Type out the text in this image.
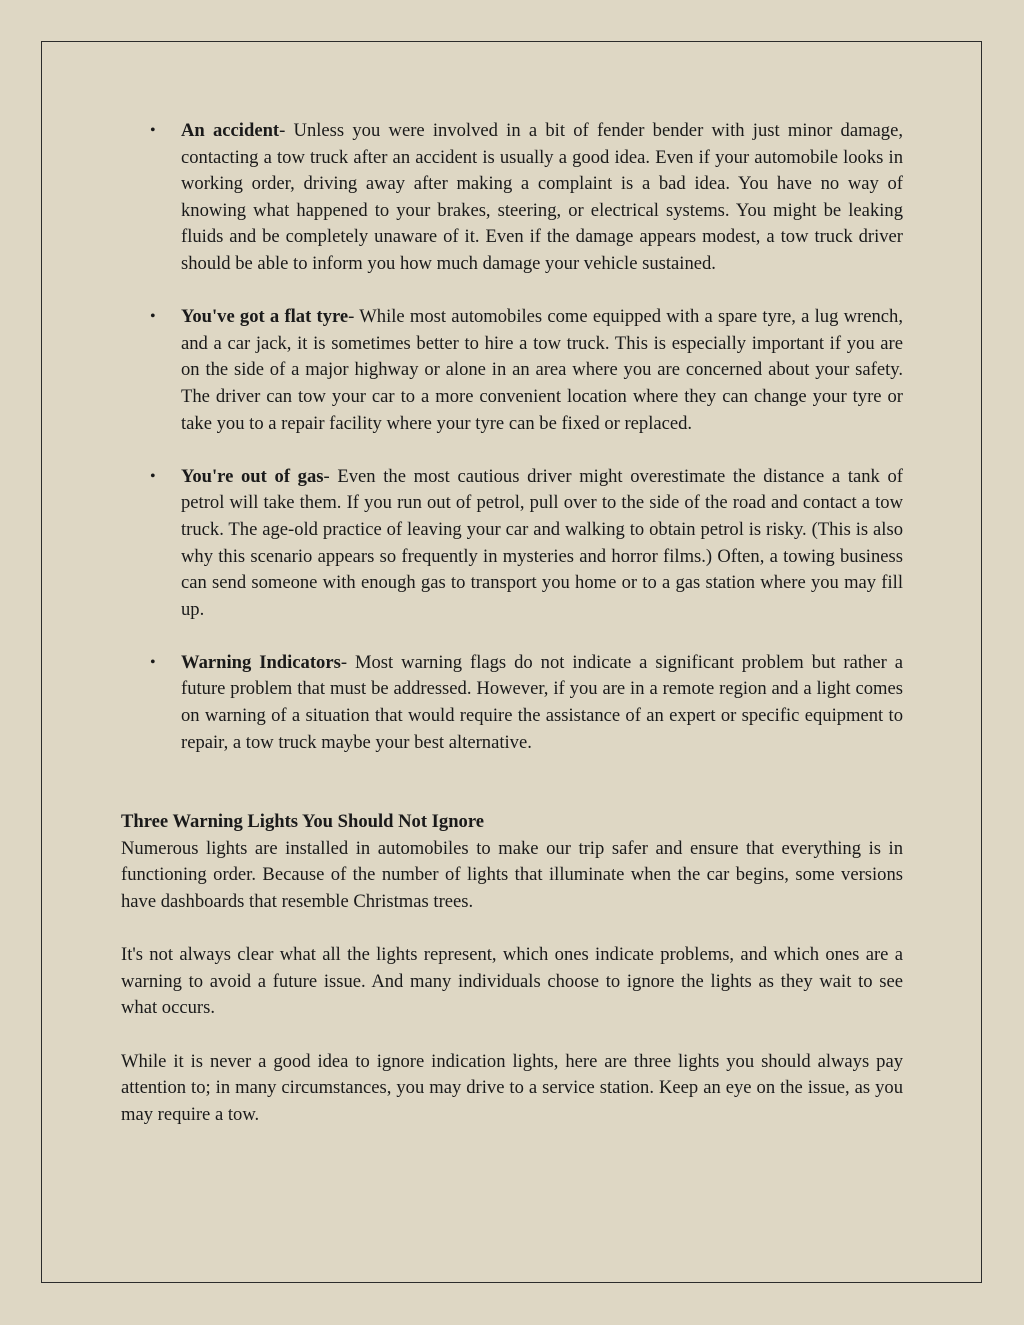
• An accident- Unless you were involved in a bit of fender bender with just minor damage, contacting a tow truck after an accident is usually a good idea. Even if your automobile looks in working order, driving away after making a complaint is a bad idea. You have no way of knowing what happened to your brakes, steering, or electrical systems. You might be leaking fluids and be completely unaware of it. Even if the damage appears modest, a tow truck driver should be able to inform you how much damage your vehicle sustained.
• You've got a flat tyre- While most automobiles come equipped with a spare tyre, a lug wrench, and a car jack, it is sometimes better to hire a tow truck. This is especially important if you are on the side of a major highway or alone in an area where you are concerned about your safety. The driver can tow your car to a more convenient location where they can change your tyre or take you to a repair facility where your tyre can be fixed or replaced.
• You're out of gas- Even the most cautious driver might overestimate the distance a tank of petrol will take them. If you run out of petrol, pull over to the side of the road and contact a tow truck. The age-old practice of leaving your car and walking to obtain petrol is risky. (This is also why this scenario appears so frequently in mysteries and horror films.) Often, a towing business can send someone with enough gas to transport you home or to a gas station where you may fill up.
• Warning Indicators- Most warning flags do not indicate a significant problem but rather a future problem that must be addressed. However, if you are in a remote region and a light comes on warning of a situation that would require the assistance of an expert or specific equipment to repair, a tow truck maybe your best alternative.
Three Warning Lights You Should Not Ignore

Numerous lights are installed in automobiles to make our trip safer and ensure that everything is in functioning order. Because of the number of lights that illuminate when the car begins, some versions have dashboards that resemble Christmas trees.

It's not always clear what all the lights represent, which ones indicate problems, and which ones are a warning to avoid a future issue. And many individuals choose to ignore the lights as they wait to see what occurs.

While it is never a good idea to ignore indication lights, here are three lights you should always pay attention to; in many circumstances, you may drive to a service station. Keep an eye on the issue, as you may require a tow.
